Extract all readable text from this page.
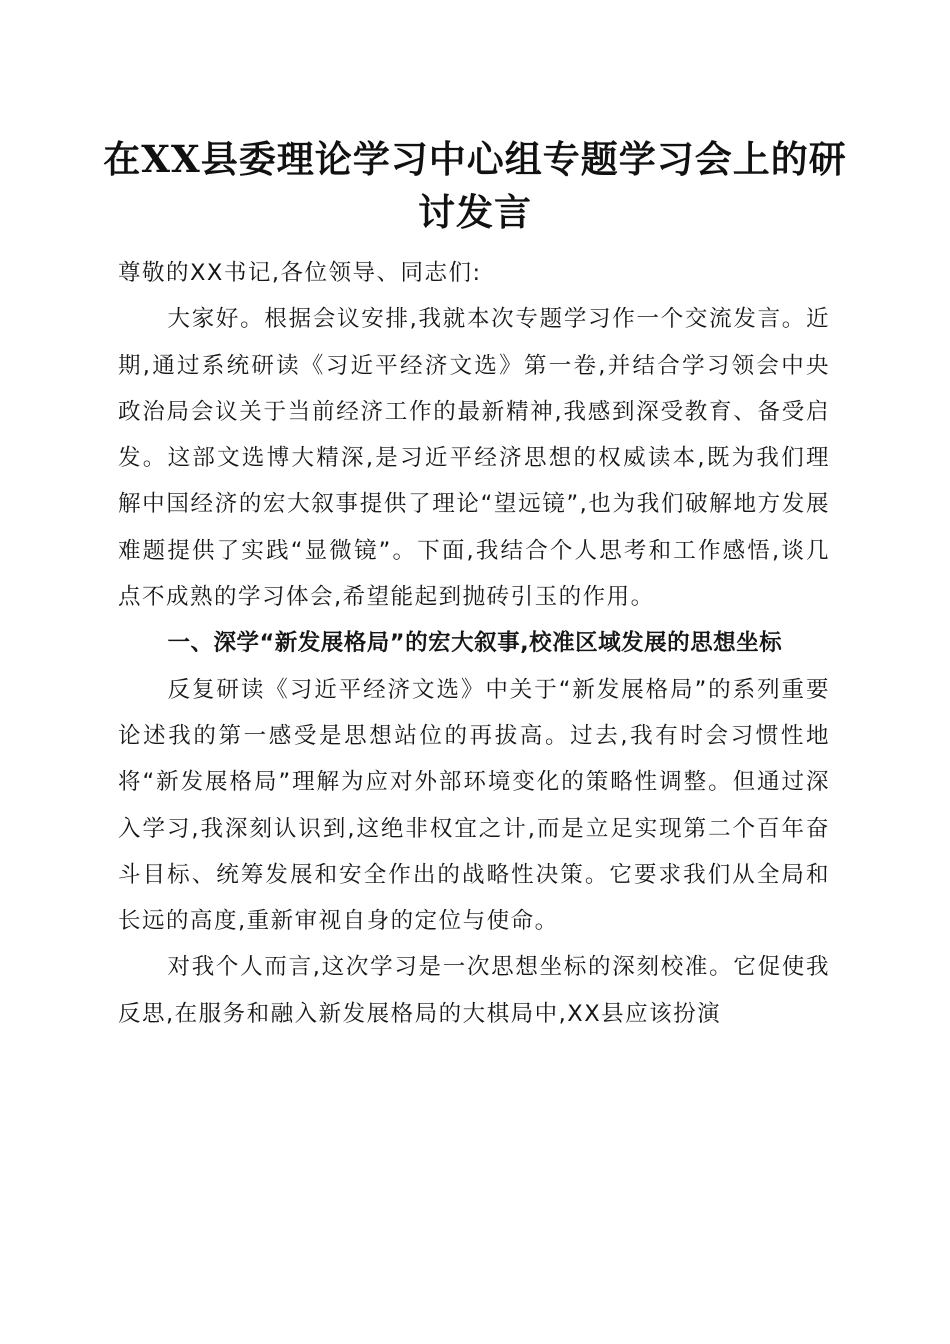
在XX县委理论学习中心组专题学习会上的研讨发言

尊敬的XX书记,各位领导、同志们:

大家好。根据会议安排,我就本次专题学习作一个交流发言。近期,通过系统研读《习近平经济文选》第一卷,并结合学习领会中央政治局会议关于当前经济工作的最新精神,我感到深受教育、备受启发。这部文选博大精深,是习近平经济思想的权威读本,既为我们理解中国经济的宏大叙事提供了理论“望远镜”,也为我们破解地方发展难题提供了实践“显微镜”。下面,我结合个人思考和工作感悟,谈几点不成熟的学习体会,希望能起到抛砖引玉的作用。

一、深学“新发展格局”的宏大叙事,校准区域发展的思想坐标

反复研读《习近平经济文选》中关于“新发展格局”的系列重要论述我的第一感受是思想站位的再拔高。过去,我有时会习惯性地将“新发展格局”理解为应对外部环境变化的策略性调整。但通过深入学习,我深刻认识到,这绝非权宜之计,而是立足实现第二个百年奋斗目标、统筹发展和安全作出的战略性决策。它要求我们从全局和长远的高度,重新审视自身的定位与使命。

对我个人而言,这次学习是一次思想坐标的深刻校准。它促使我反思,在服务和融入新发展格局的大棋局中,XX县应该扮演
